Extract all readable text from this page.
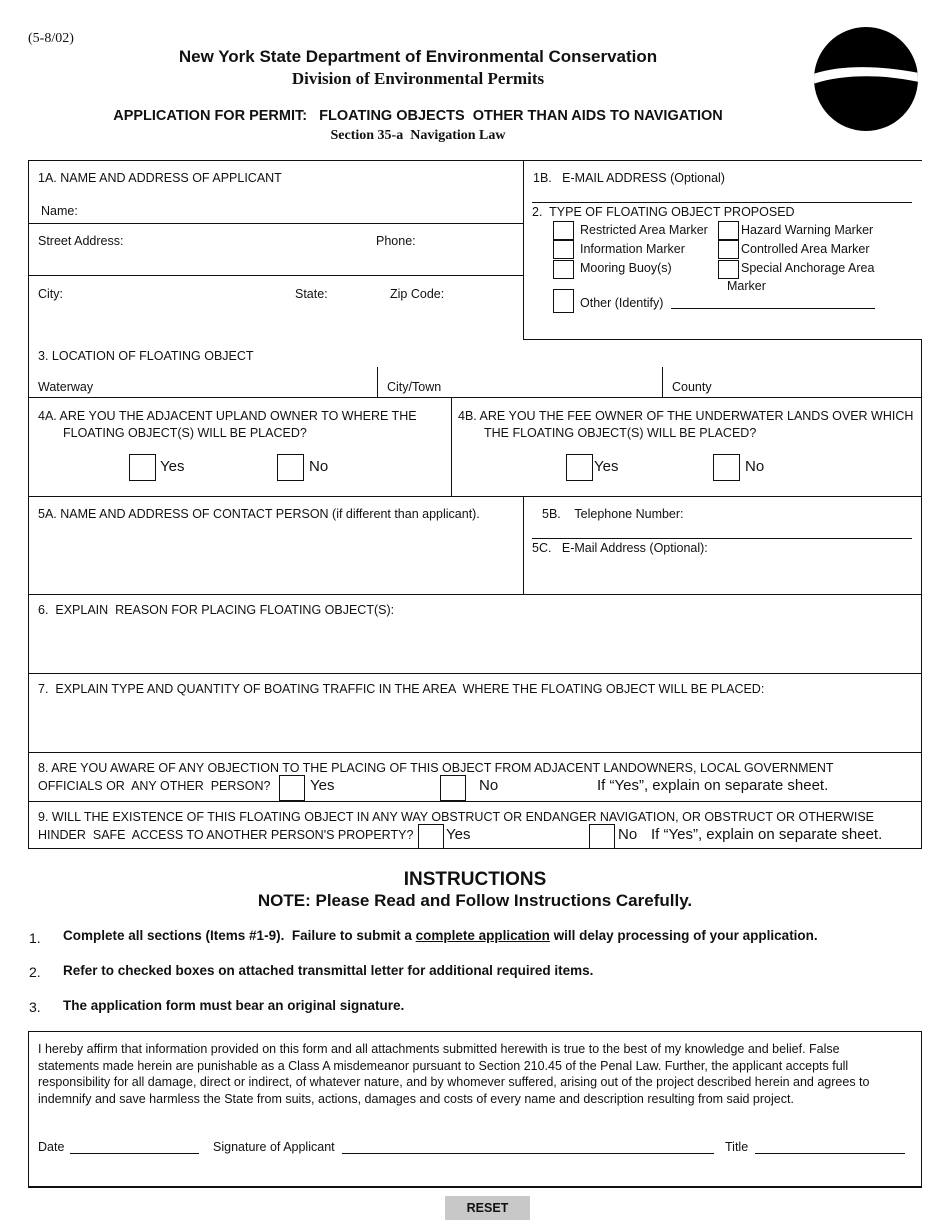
(5-8/02)
New York State Department of Environmental Conservation
Division of Environmental Permits
APPLICATION FOR PERMIT:   FLOATING OBJECTS  OTHER THAN AIDS TO NAVIGATION
Section 35-a  Navigation Law
1A. NAME AND ADDRESS OF APPLICANT
Name:
Street Address:	Phone:
City:	State:	Zip Code:
1B.   E-MAIL ADDRESS (Optional)
2.  TYPE OF FLOATING OBJECT PROPOSED
Restricted Area Marker	Hazard Warning Marker
Information Marker	Controlled Area Marker
Mooring Buoy(s)	Special Anchorage Area
Marker
Other (Identify)
3. LOCATION OF FLOATING OBJECT
Waterway	City/Town	County
4A. ARE YOU THE ADJACENT UPLAND OWNER TO WHERE THE
FLOATING OBJECT(S) WILL BE PLACED?
Yes	No
4B. ARE YOU THE FEE OWNER OF THE UNDERWATER LANDS OVER WHICH
THE FLOATING OBJECT(S) WILL BE PLACED?
Yes	No
5A. NAME AND ADDRESS OF CONTACT PERSON (if different than applicant).	5B.    Telephone Number:
5C.   E-Mail Address (Optional):
6.  EXPLAIN  REASON FOR PLACING FLOATING OBJECT(S):
7.  EXPLAIN TYPE AND QUANTITY OF BOATING TRAFFIC IN THE AREA  WHERE THE FLOATING OBJECT WILL BE PLACED:
8. ARE YOU AWARE OF ANY OBJECTION TO THE PLACING OF THIS OBJECT FROM ADJACENT LANDOWNERS, LOCAL GOVERNMENT
OFFICIALS OR  ANY OTHER  PERSON?	Yes	No	If “Yes”, explain on separate sheet.
9. WILL THE EXISTENCE OF THIS FLOATING OBJECT IN ANY WAY OBSTRUCT OR ENDANGER NAVIGATION, OR OBSTRUCT OR OTHERWISE
HINDER  SAFE  ACCESS TO ANOTHER PERSON'S PROPERTY? Yes	No If “Yes”, explain on separate sheet.
INSTRUCTIONS
NOTE: Please Read and Follow Instructions Carefully.
1. Complete all sections (Items #1-9).  Failure to submit a complete application will delay processing of your application.
2. Refer to checked boxes on attached transmittal letter for additional required items.
3. The application form must bear an original signature.
I hereby affirm that information provided on this form and all attachments submitted herewith is true to the best of my knowledge and belief. False
statements made herein are punishable as a Class A misdemeanor pursuant to Section 210.45 of the Penal Law. Further, the applicant accepts full
responsibility for all damage, direct or indirect, of whatever nature, and by whomever suffered, arising out of the project described herein and agrees to
indemnify and save harmless the State from suits, actions, damages and costs of every name and description resulting from said project.
Date	Signature of Applicant	Title
RESET
